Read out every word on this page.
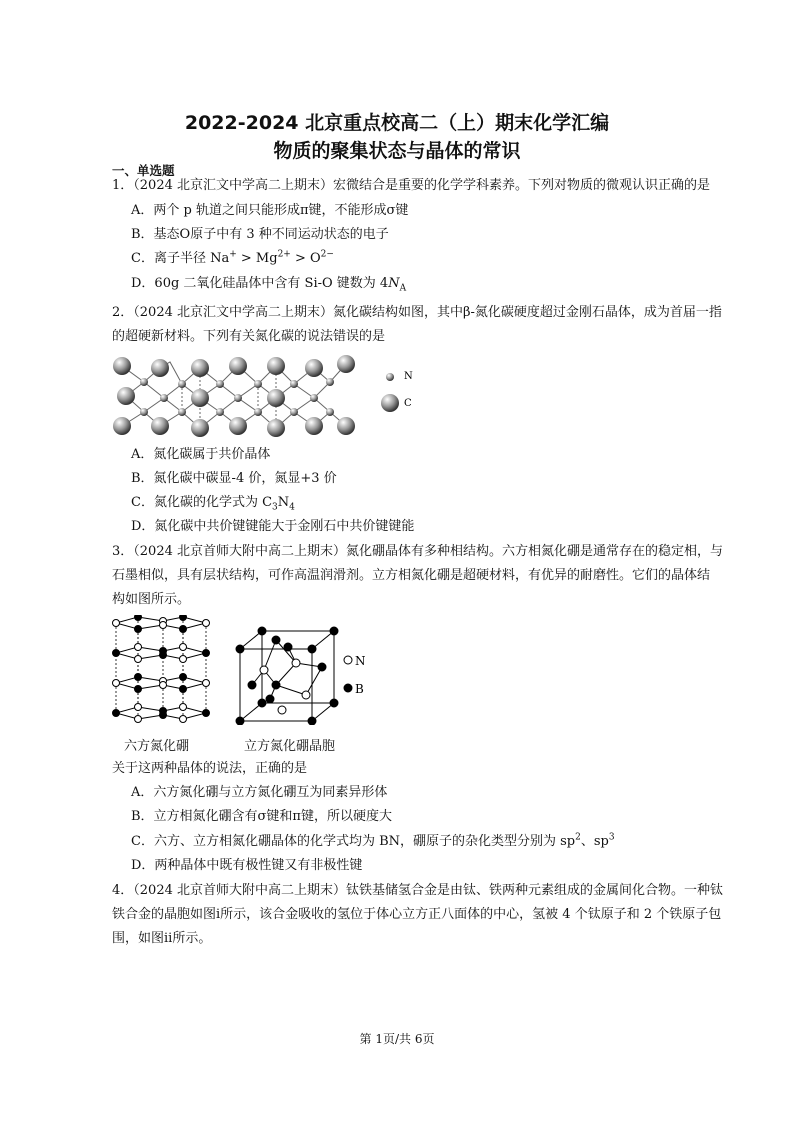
2022-2024 北京重点校高二（上）期末化学汇编
物质的聚集状态与晶体的常识
一、单选题
1．（2024 北京汇文中学高二上期末）宏微结合是重要的化学学科素养。下列对物质的微观认识正确的是
A．两个 p 轨道之间只能形成π键，不能形成σ键
B．基态O原子中有 3 种不同运动状态的电子
C．离子半径 $Na^+ > Mg^{2+} > O^{2-}$
D．60g 二氧化硅晶体中含有 Si-O 键数为 $4N_A$
2．（2024 北京汇文中学高二上期末）氮化碳结构如图，其中β-氮化碳硬度超过金刚石晶体，成为首届一指
的超硬新材料。下列有关氮化碳的说法错误的是
N
C
A．氮化碳属于共价晶体
B．氮化碳中碳显-4 价，氮显+3 价
C．氮化碳的化学式为 $C_3N_4$
D．氮化碳中共价键键能大于金刚石中共价键键能
3．（2024 北京首师大附中高二上期末）氮化硼晶体有多种相结构。六方相氮化硼是通常存在的稳定相，与
石墨相似，具有层状结构，可作高温润滑剂。立方相氮化硼是超硬材料，有优异的耐磨性。它们的晶体结
构如图所示。
N
B
六方氮化硼	立方氮化硼晶胞
关于这两种晶体的说法，正确的是
A．六方氮化硼与立方氮化硼互为同素异形体
B．立方相氮化硼含有σ键和π键，所以硬度大
C．六方、立方相氮化硼晶体的化学式均为 BN，硼原子的杂化类型分别为 $sp^2$、$sp^3$
D．两种晶体中既有极性键又有非极性键
4．（2024 北京首师大附中高二上期末）钛铁基储氢合金是由钛、铁两种元素组成的金属间化合物。一种钛
铁合金的晶胞如图i所示，该合金吸收的氢位于体心立方正八面体的中心，氢被 4 个钛原子和 2 个铁原子包
围，如图ii所示。
第 1页/共 6页
